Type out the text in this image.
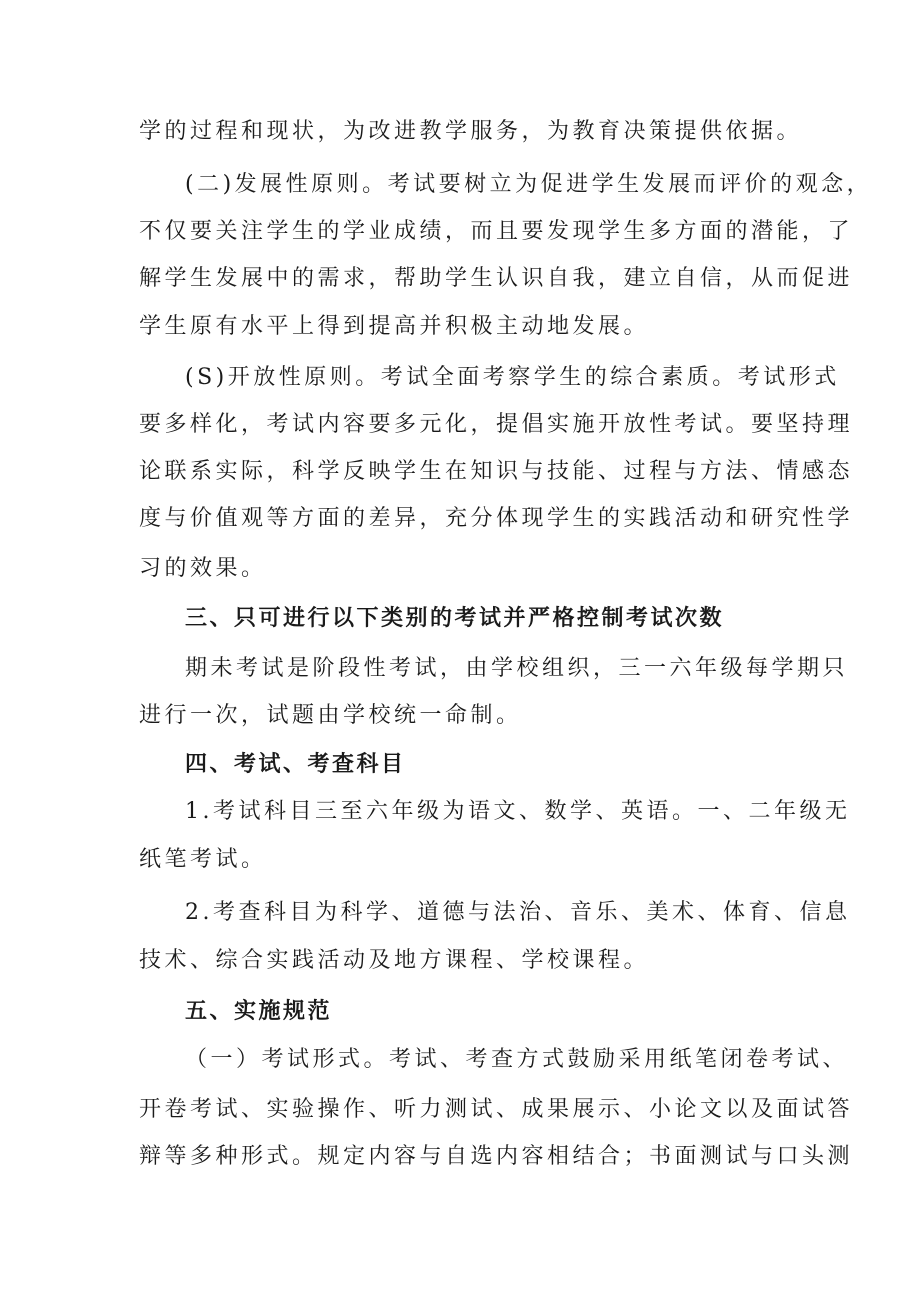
学的过程和现状，为改进教学服务，为教育决策提供依据。
(二)发展性原则。考试要树立为促进学生发展而评价的观念，
不仅要关注学生的学业成绩，而且要发现学生多方面的潜能，了
解学生发展中的需求，帮助学生认识自我，建立自信，从而促进
学生原有水平上得到提高并积极主动地发展。
(S)开放性原则。考试全面考察学生的综合素质。考试形式
要多样化，考试内容要多元化，提倡实施开放性考试。要坚持理
论联系实际，科学反映学生在知识与技能、过程与方法、情感态
度与价值观等方面的差异，充分体现学生的实践活动和研究性学
习的效果。
三、只可进行以下类别的考试并严格控制考试次数
期未考试是阶段性考试，由学校组织，三一六年级每学期只
进行一次，试题由学校统一命制。
四、考试、考查科目
1.考试科目三至六年级为语文、数学、英语。一、二年级无
纸笔考试。
2.考查科目为科学、道德与法治、音乐、美术、体育、信息
技术、综合实践活动及地方课程、学校课程。
五、实施规范
（一）考试形式。考试、考查方式鼓励采用纸笔闭卷考试、
开卷考试、实验操作、听力测试、成果展示、小论文以及面试答
辩等多种形式。规定内容与自选内容相结合；书面测试与口头测
